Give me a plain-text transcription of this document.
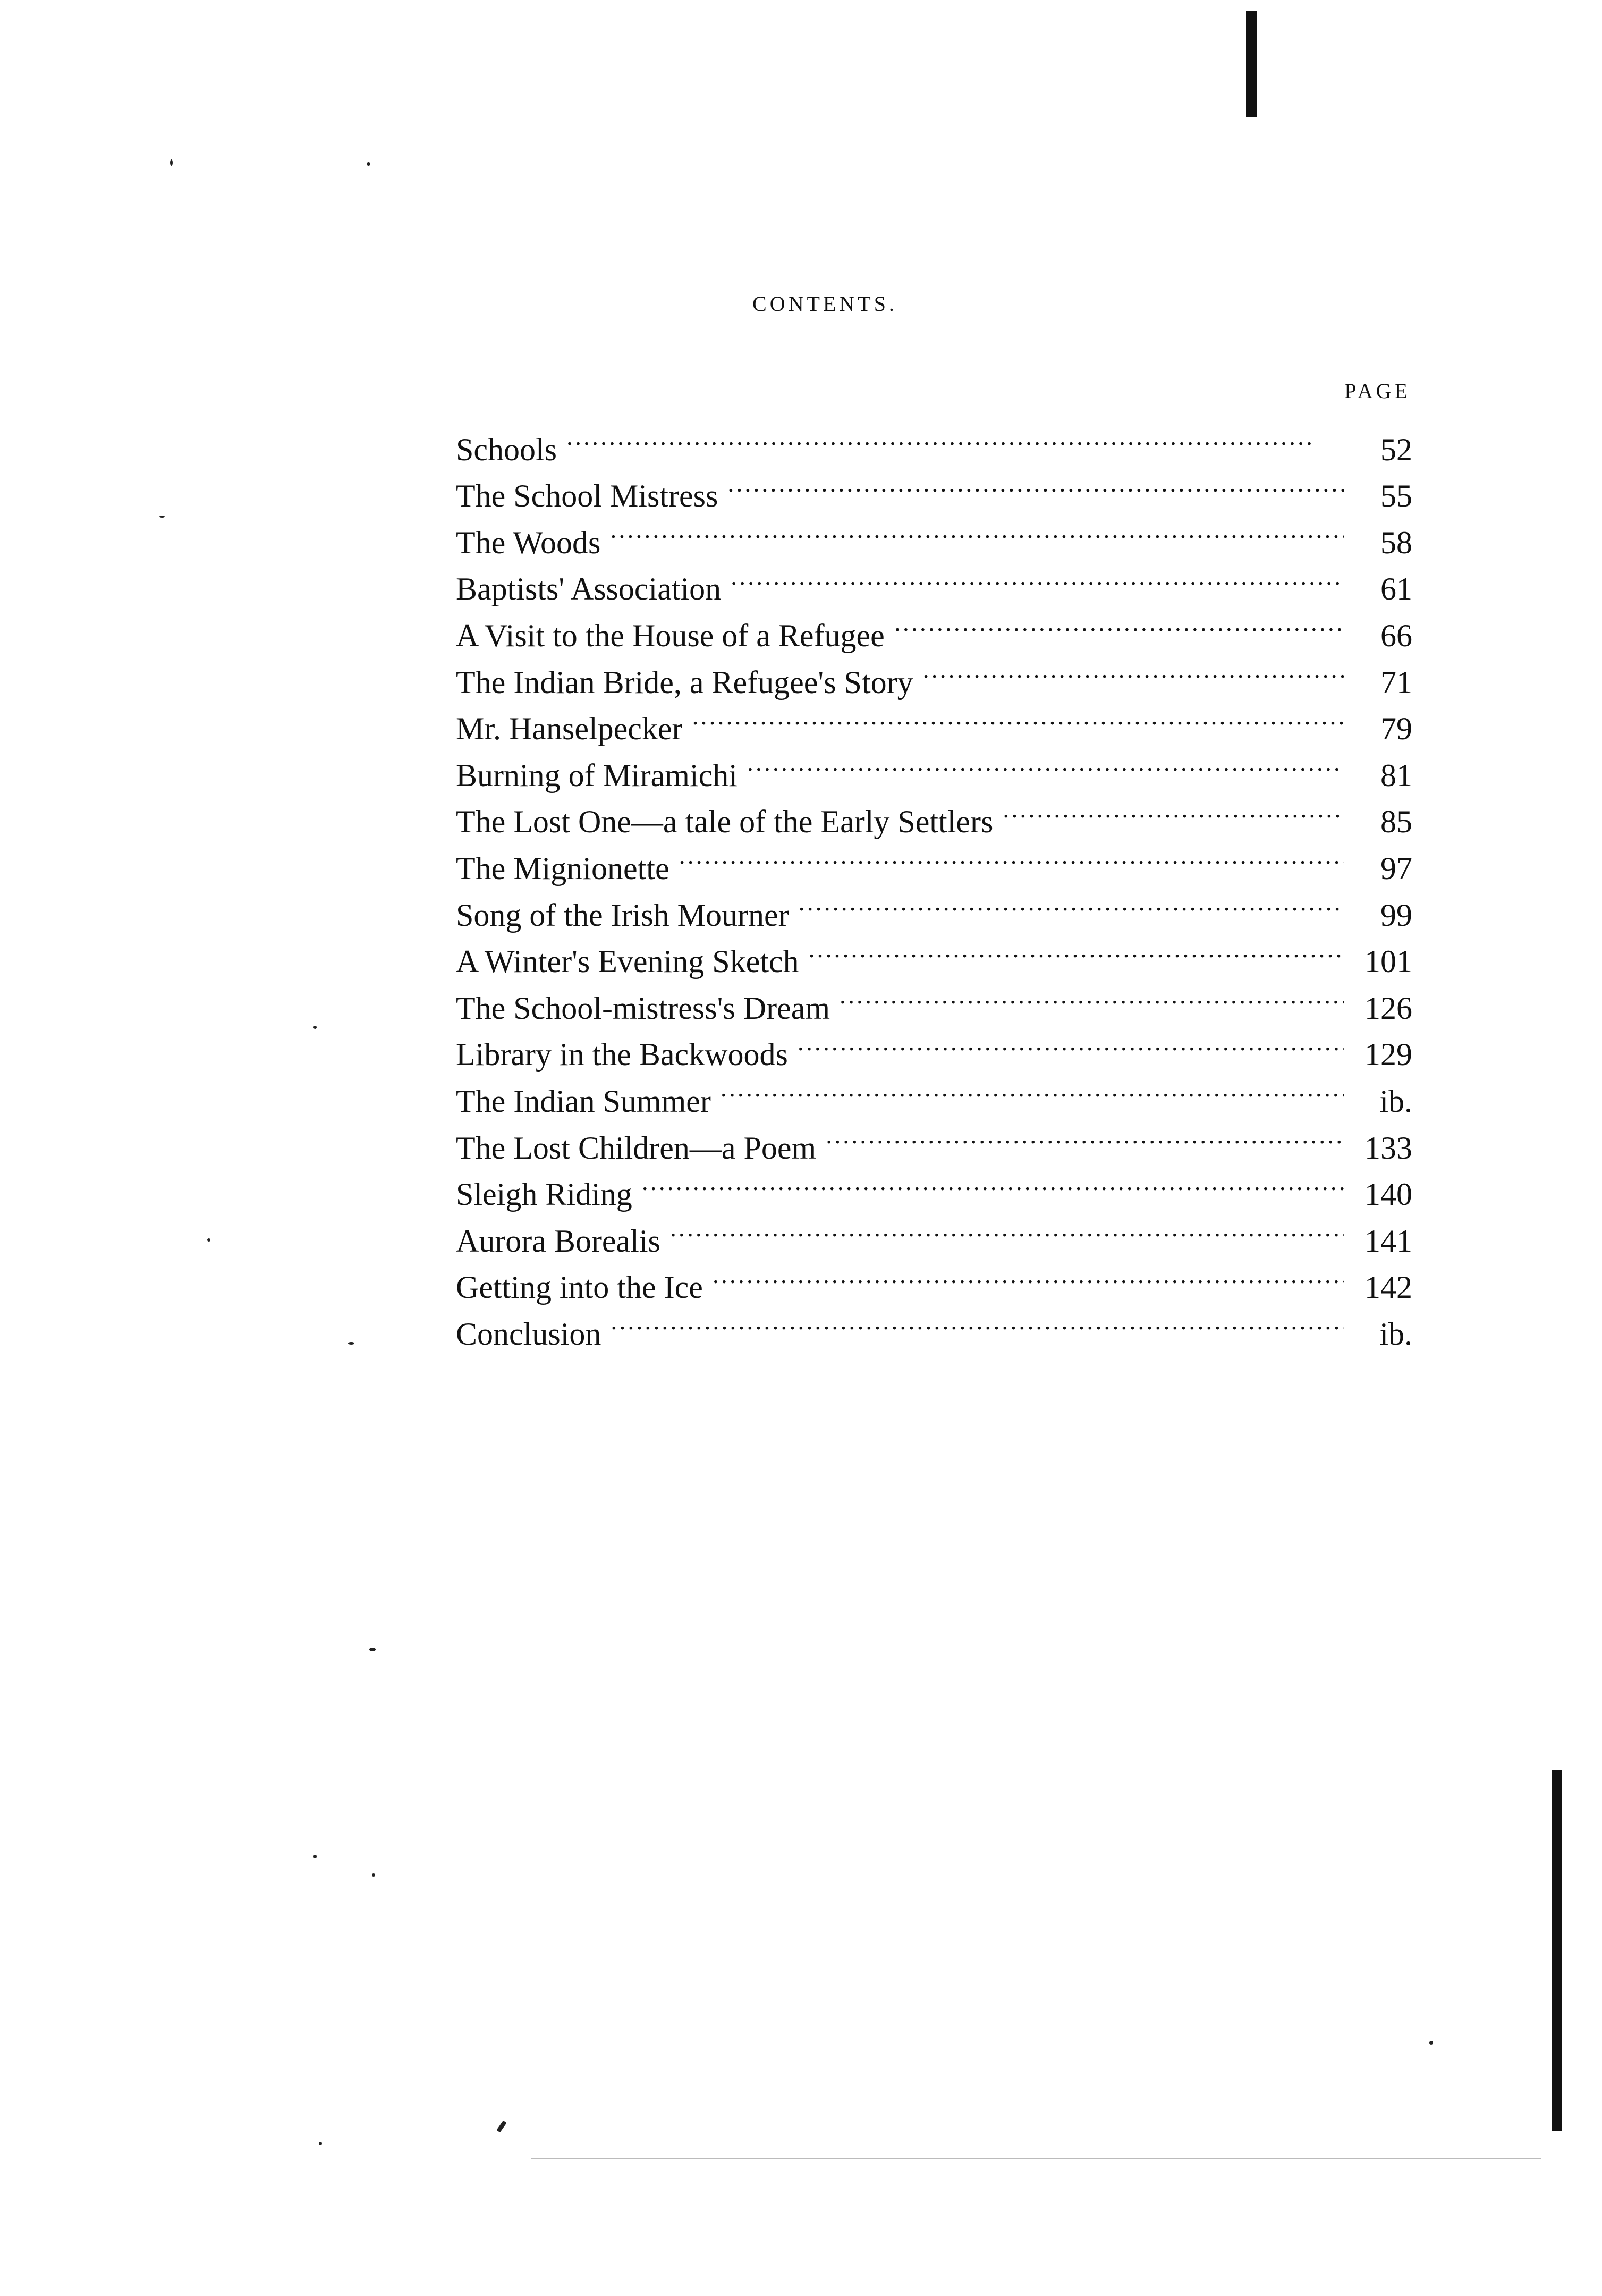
CONTENTS.
PAGE
Schools . . .	52
The School Mistress . . .	55
The Woods . . .	58
Baptists' Association . . .	61
A Visit to the House of a Refugee . . .	66
The Indian Bride, a Refugee's Story . . .	71
Mr. Hanselpecker . . .	79
Burning of Miramichi . . .	81
The Lost One—a tale of the Early Settlers . . .	85
The Mignionette . . .	97
Song of the Irish Mourner . . .	99
A Winter's Evening Sketch . . .	101
The School-mistress's Dream . . .	126
Library in the Backwoods . . .	129
The Indian Summer . . .	ib.
The Lost Children—a Poem . . .	133
Sleigh Riding . . .	140
Aurora Borealis . . .	141
Getting into the Ice . . .	142
Conclusion . . .	ib.
